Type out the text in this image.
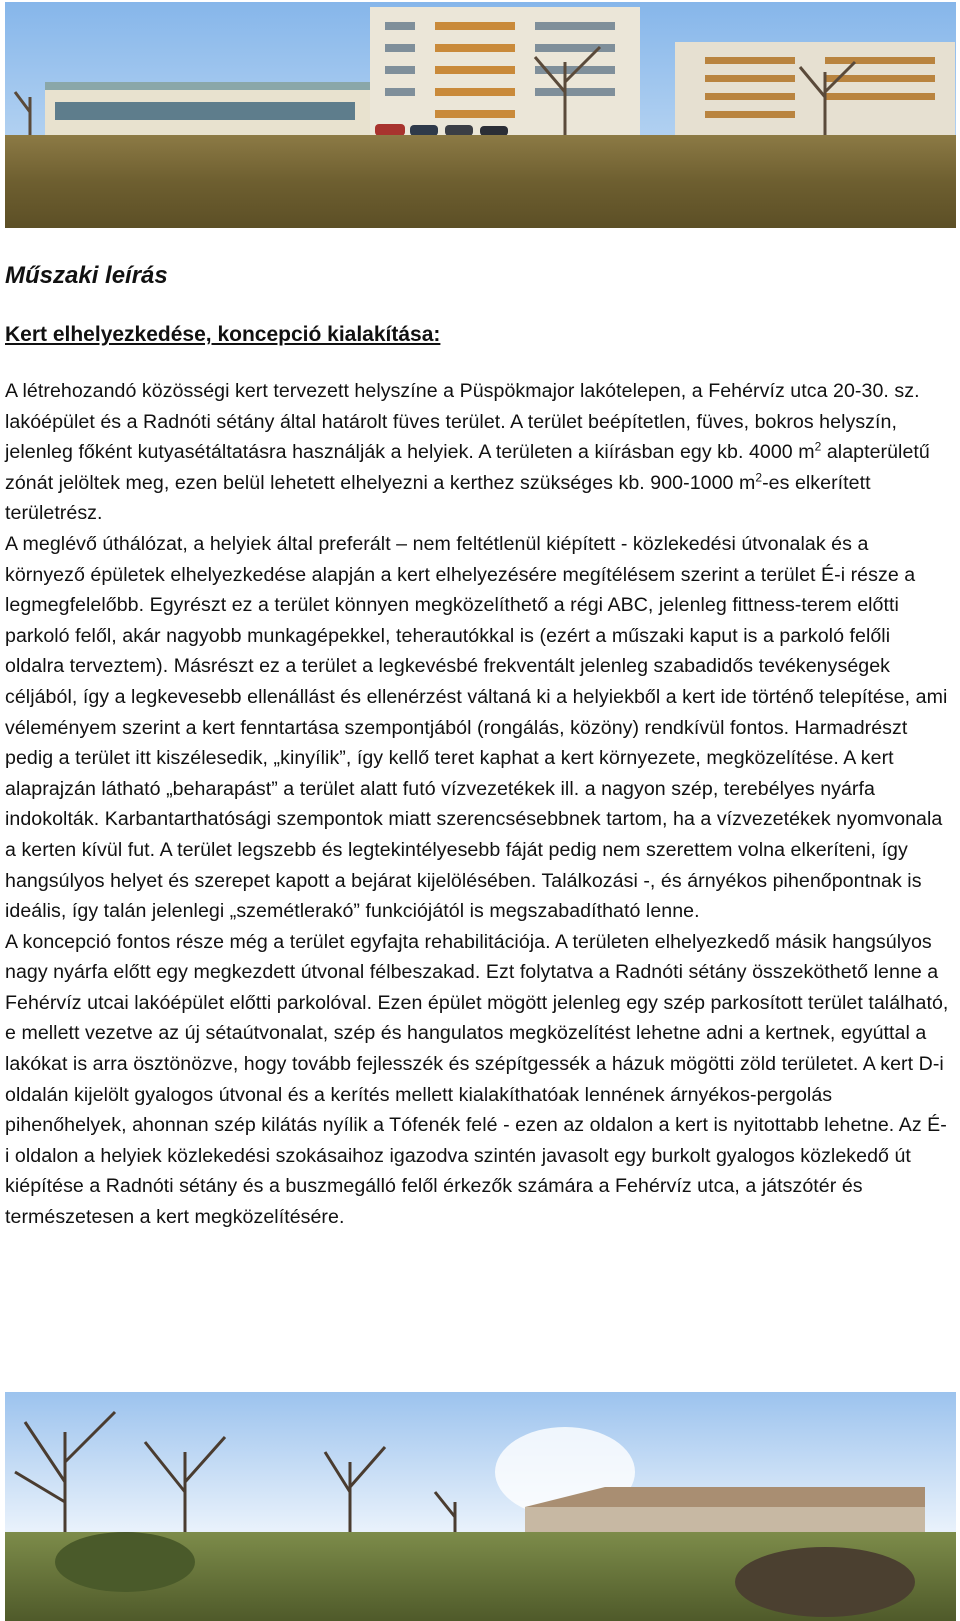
Műszaki leírás
Kert elhelyezkedése, koncepció kialakítása:

A létrehozandó közösségi kert tervezett helyszíne a Püspökmajor lakótelepen, a Fehérvíz utca 20-30. sz. lakóépület és a Radnóti sétány által határolt füves terület. A terület beépítetlen, füves, bokros helyszín, jelenleg főként kutyasétáltatásra használják a helyiek. A területen a kiírásban egy kb. 4000 $m^2$ alapterületű zónát jelöltek meg, ezen belül lehetett elhelyezni a kerthez szükséges kb. 900-1000 $m^2-es$ elkerített területrész.

A meglévő úthálózat, a helyiek által preferált – nem feltétlenül kiépített - közlekedési útvonalak és a környező épületek elhelyezkedése alapján a kert elhelyezésére megítélésem szerint a terület É-i része a legmegfelelőbb. Egyrészt ez a terület könnyen megközelíthető a régi ABC, jelenleg fittness-terem előtti parkoló felől, akár nagyobb munkagépekkel, teherautókkal is (ezért a műszaki kaput is a parkoló felőli oldalra terveztem). Másrészt ez a terület a legkevésbé frekventált jelenleg szabadidős tevékenységek céljából, így a legkevesebb ellenállást és ellenérzést váltaná ki a helyiekből a kert ide történő telepítése, ami véleményem szerint a kert fenntartása szempontjából (rongálás, közöny) rendkívül fontos. Harmadrészt pedig a terület itt kiszélesedik, „kinyílik”, így kellő teret kaphat a kert környezete, megközelítése. A kert alaprajzán látható „beharapást” a terület alatt futó vízvezetékek ill. a nagyon szép, terebélyes nyárfa indokolták. Karbantarthatósági szempontok miatt szerencsésebbnek tartom, ha a vízvezetékek nyomvonala a kerten kívül fut. A terület legszebb és legtekintélyesebb fáját pedig nem szerettem volna elkeríteni, így hangsúlyos helyet és szerepet kapott a bejárat kijelölésében. Találkozási -, és árnyékos pihenőpontnak is ideális, így talán jelenlegi „szemétlerakó” funkciójától is megszabadítható lenne.

A koncepció fontos része még a terület egyfajta rehabilitációja. A területen elhelyezkedő másik hangsúlyos nagy nyárfa előtt egy megkezdett útvonal félbeszakad. Ezt folytatva a Radnóti sétány összeköthető lenne a Fehérvíz utcai lakóépület előtti parkolóval. Ezen épület mögött jelenleg egy szép parkosított terület található, e mellett vezetve az új sétaútvonalat, szép és hangulatos megközelítést lehetne adni a kertnek, egyúttal a lakókat is arra ösztönözve, hogy tovább fejlesszék és szépítgessék a házuk mögötti zöld területet. A kert D-i oldalán kijelölt gyalogos útvonal és a kerítés mellett kialakíthatóak lennének árnyékos-pergolás pihenőhelyek, ahonnan szép kilátás nyílik a Tófenék felé - ezen az oldalon a kert is nyitottabb lehetne. Az É-i oldalon a helyiek közlekedési szokásaihoz igazodva szintén javasolt egy burkolt gyalogos közlekedő út kiépítése a Radnóti sétány és a buszmegálló felől érkezők számára a Fehérvíz utca, a játszótér és természetesen a kert megközelítésére.
